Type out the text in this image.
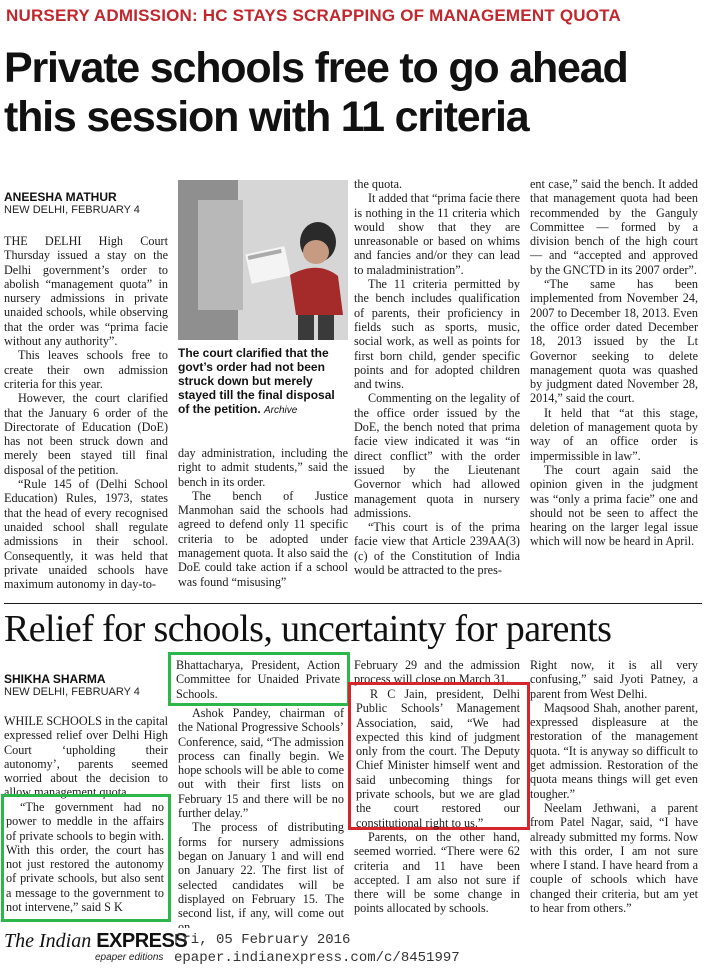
NURSERY ADMISSION: HC STAYS SCRAPPING OF MANAGEMENT QUOTA
Private schools free to go ahead
this session with 11 criteria
ANEESHA MATHUR
NEW DELHI, FEBRUARY 4

THE DELHI High Court Thursday issued a stay on the Delhi government’s order to abolish “management quota” in nursery admissions in private unaided schools, while observing that the order was “prima facie without any authority”.

This leaves schools free to create their own admission criteria for this year.

However, the court clarified that the January 6 order of the Directorate of Education (DoE) has not been struck down and merely been stayed till final disposal of the petition.

“Rule 145 of (Delhi School Education) Rules, 1973, states that the head of every recognised unaided school shall regulate admissions in their school. Consequently, it was held that private unaided schools have maximum autonomy in day-to-

The court clarified that the govt’s order had not been struck down but merely stayed till the final disposal of the petition. Archive

day administration, including the right to admit students,” said the bench in its order.

The bench of Justice Manmohan said the schools had agreed to defend only 11 specific criteria to be adopted under management quota. It also said the DoE could take action if a school was found “misusing”

the quota.

It added that “prima facie there is nothing in the 11 criteria which would show that they are unreasonable or based on whims and fancies and/or they can lead to maladministration”.

The 11 criteria permitted by the bench includes qualification of parents, their proficiency in fields such as sports, music, social work, as well as points for first born child, gender specific points and for adopted children and twins.

Commenting on the legality of the office order issued by the DoE, the bench noted that prima facie view indicated it was “in direct conflict” with the order issued by the Lieutenant Governor which had allowed management quota in nursery admissions.

“This court is of the prima facie view that Article 239AA(3)(c) of the Constitution of India would be attracted to the pres-

ent case,” said the bench. It added that management quota had been recommended by the Ganguly Committee — formed by a division bench of the high court — and “accepted and approved by the GNCTD in its 2007 order”.

“The same has been implemented from November 24, 2007 to December 18, 2013. Even the office order dated December 18, 2013 issued by the Lt Governor seeking to delete management quota was quashed by judgment dated November 28, 2014,” said the court.

It held that “at this stage, deletion of management quota by way of an office order is impermissible in law”.

The court again said the opinion given in the judgment was “only a prima facie” one and should not be seen to affect the hearing on the larger legal issue which will now be heard in April.

Relief for schools, uncertainty for parents
SHIKHA SHARMA
NEW DELHI, FEBRUARY 4

WHILE SCHOOLS in the capital expressed relief over Delhi High Court ‘upholding their autonomy’, parents seemed worried about the decision to allow management quota.

“The government had no power to meddle in the affairs of private schools to begin with. With this order, the court has not just restored the autonomy of private schools, but also sent a message to the government to not intervene,” said S K

Bhattacharya, President, Action Committee for Unaided Private Schools.

Ashok Pandey, chairman of the National Progressive Schools’ Conference, said, “The admission process can finally begin. We hope schools will be able to come out with their first lists on February 15 and there will be no further delay.”

The process of distributing forms for nursery admissions began on January 1 and will end on January 22. The first list of selected candidates will be displayed on February 15. The second list, if any, will come out

February 29 and the admission process will close on March 31.

R C Jain, president, Delhi Public Schools’ Management Association, said, “We had expected this kind of judgment only from the court. The Deputy Chief Minister himself went and said unbecoming things for private schools, but we are glad the court restored our constitutional right to us.”

Parents, on the other hand, seemed worried. “There were 62 criteria and 11 have been accepted. I am also not sure if there will be some change in points allocated by schools.

Right now, it is all very confusing,” said Jyoti Patney, a parent from West Delhi.

Maqsood Shah, another parent, expressed displeasure at the restoration of the management quota. “It is anyway so difficult to get admission. Restoration of the quota means things will get even tougher.”

Neelam Jethwani, a parent from Patel Nagar, said, “I have already submitted my forms. Now with this order, I am not sure where I stand. I have heard from a couple of schools which have changed their criteria, but am yet to hear from others.”

The Indian EXPRESS
epaper editions
Fri, 05 February 2016
epaper.indianexpress.com/c/8451997
